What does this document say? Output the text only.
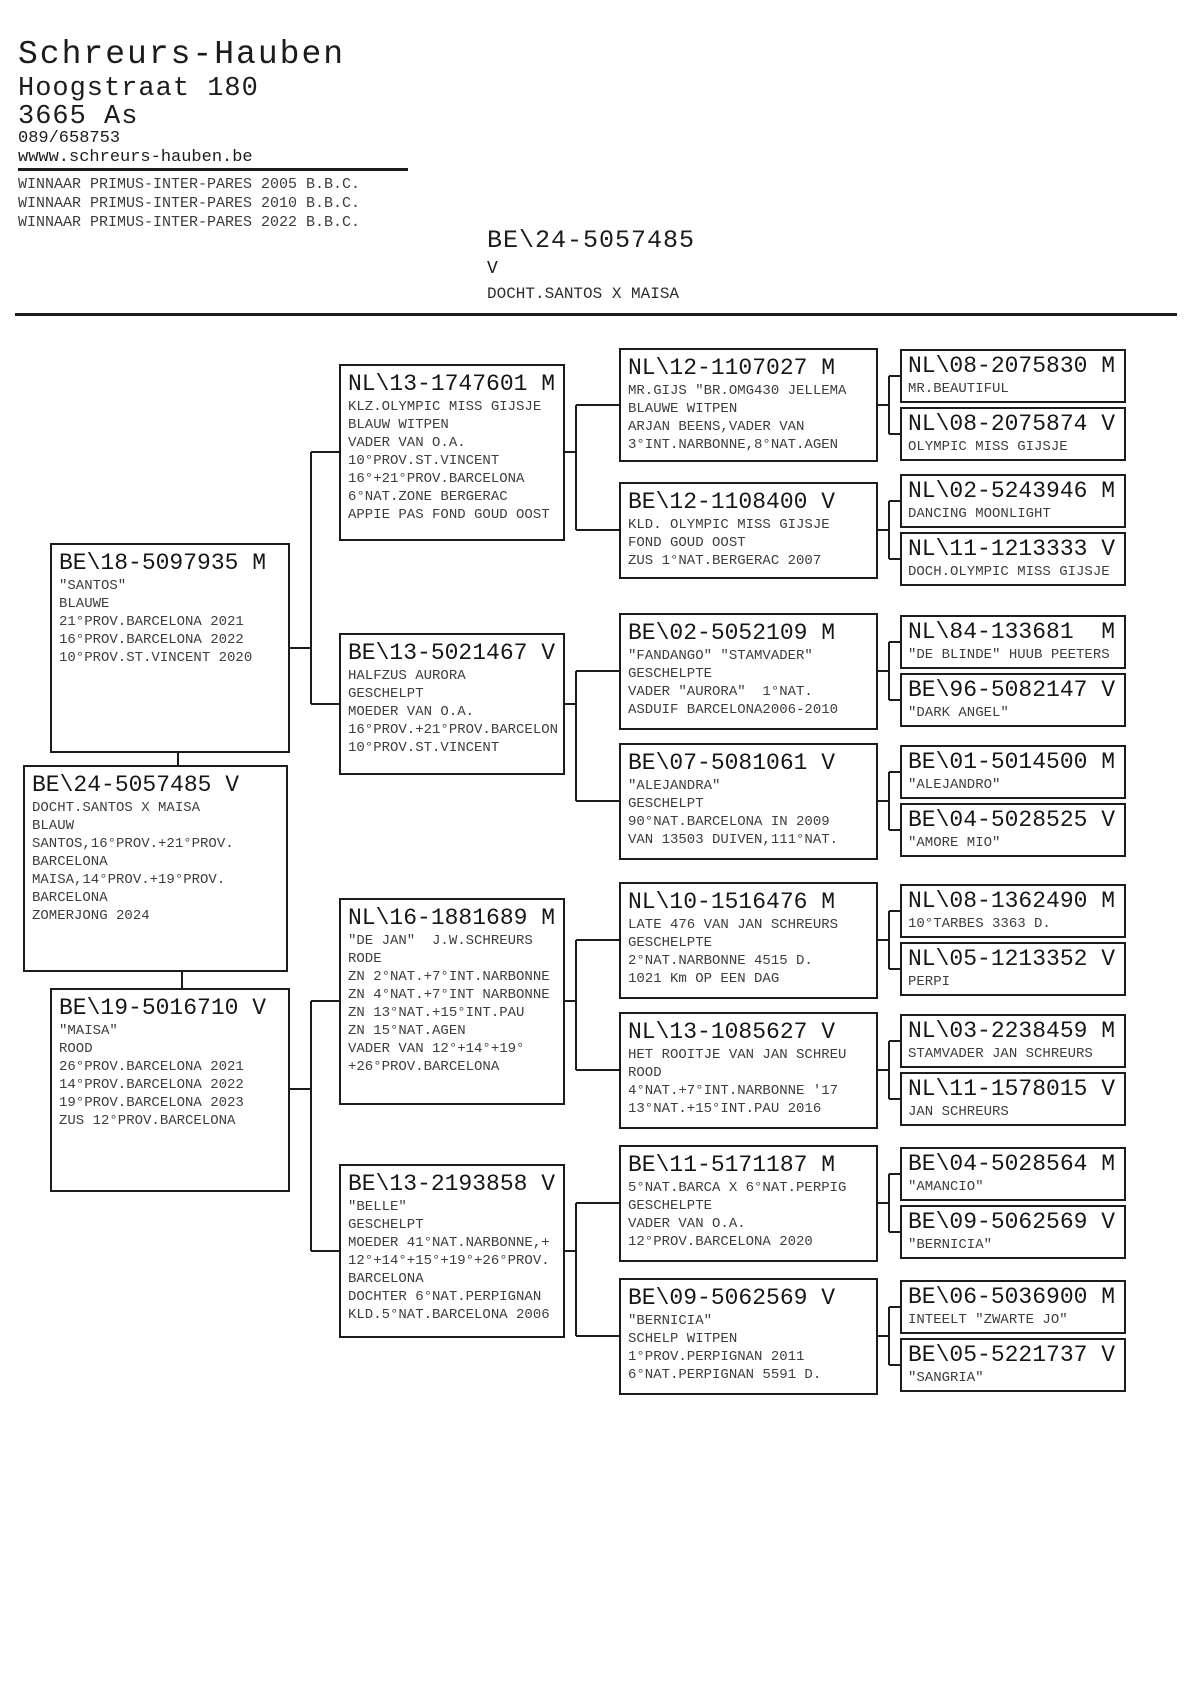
Schreurs-Hauben
Hoogstraat 180
3665 As
089/658753
wwww.schreurs-hauben.be
WINNAAR PRIMUS-INTER-PARES 2005 B.B.C.
WINNAAR PRIMUS-INTER-PARES 2010 B.B.C.
WINNAAR PRIMUS-INTER-PARES 2022 B.B.C.
BE\24-5057485
V
DOCHT.SANTOS X MAISA
BE\18-5097935 M
"SANTOS"
BLAUWE
21°PROV.BARCELONA 2021
16°PROV.BARCELONA 2022
10°PROV.ST.VINCENT 2020
BE\24-5057485 V
DOCHT.SANTOS X MAISA
BLAUW
SANTOS,16°PROV.+21°PROV.
BARCELONA
MAISA,14°PROV.+19°PROV.
BARCELONA
ZOMERJONG 2024
BE\19-5016710 V
"MAISA"
ROOD
26°PROV.BARCELONA 2021
14°PROV.BARCELONA 2022
19°PROV.BARCELONA 2023
ZUS 12°PROV.BARCELONA
NL\13-1747601 M
KLZ.OLYMPIC MISS GIJSJE
BLAUW WITPEN
VADER VAN O.A.
10°PROV.ST.VINCENT
16°+21°PROV.BARCELONA
6°NAT.ZONE BERGERAC
APPIE PAS FOND GOUD OOST
BE\13-5021467 V
HALFZUS AURORA
GESCHELPT
MOEDER VAN O.A.
16°PROV.+21°PROV.BARCELON
10°PROV.ST.VINCENT
NL\16-1881689 M
"DE JAN"  J.W.SCHREURS
RODE
ZN 2°NAT.+7°INT.NARBONNE
ZN 4°NAT.+7°INT NARBONNE
ZN 13°NAT.+15°INT.PAU
ZN 15°NAT.AGEN
VADER VAN 12°+14°+19°
+26°PROV.BARCELONA
BE\13-2193858 V
"BELLE"
GESCHELPT
MOEDER 41°NAT.NARBONNE,+
12°+14°+15°+19°+26°PROV.
BARCELONA
DOCHTER 6°NAT.PERPIGNAN
KLD.5°NAT.BARCELONA 2006
NL\12-1107027 M
MR.GIJS "BR.OMG430 JELLEMA
BLAUWE WITPEN
ARJAN BEENS,VADER VAN
3°INT.NARBONNE,8°NAT.AGEN
BE\12-1108400 V
KLD. OLYMPIC MISS GIJSJE
FOND GOUD OOST
ZUS 1°NAT.BERGERAC 2007
BE\02-5052109 M
"FANDANGO" "STAMVADER"
GESCHELPTE
VADER "AURORA"  1°NAT.
ASDUIF BARCELONA2006-2010
BE\07-5081061 V
"ALEJANDRA"
GESCHELPT
90°NAT.BARCELONA IN 2009
VAN 13503 DUIVEN,111°NAT.
NL\10-1516476 M
LATE 476 VAN JAN SCHREURS
GESCHELPTE
2°NAT.NARBONNE 4515 D.
1021 Km OP EEN DAG
NL\13-1085627 V
HET ROOITJE VAN JAN SCHREU
ROOD
4°NAT.+7°INT.NARBONNE '17
13°NAT.+15°INT.PAU 2016
BE\11-5171187 M
5°NAT.BARCA X 6°NAT.PERPIG
GESCHELPTE
VADER VAN O.A.
12°PROV.BARCELONA 2020
BE\09-5062569 V
"BERNICIA"
SCHELP WITPEN
1°PROV.PERPIGNAN 2011
6°NAT.PERPIGNAN 5591 D.
NL\08-2075830 M
MR.BEAUTIFUL
NL\08-2075874 V
OLYMPIC MISS GIJSJE
NL\02-5243946 M
DANCING MOONLIGHT
NL\11-1213333 V
DOCH.OLYMPIC MISS GIJSJE
NL\84-133681  M
"DE BLINDE" HUUB PEETERS
BE\96-5082147 V
"DARK ANGEL"
BE\01-5014500 M
"ALEJANDRO"
BE\04-5028525 V
"AMORE MIO"
NL\08-1362490 M
10°TARBES 3363 D.
NL\05-1213352 V
PERPI
NL\03-2238459 M
STAMVADER JAN SCHREURS
NL\11-1578015 V
JAN SCHREURS
BE\04-5028564 M
"AMANCIO"
BE\09-5062569 V
"BERNICIA"
BE\06-5036900 M
INTEELT "ZWARTE JO"
BE\05-5221737 V
"SANGRIA"
